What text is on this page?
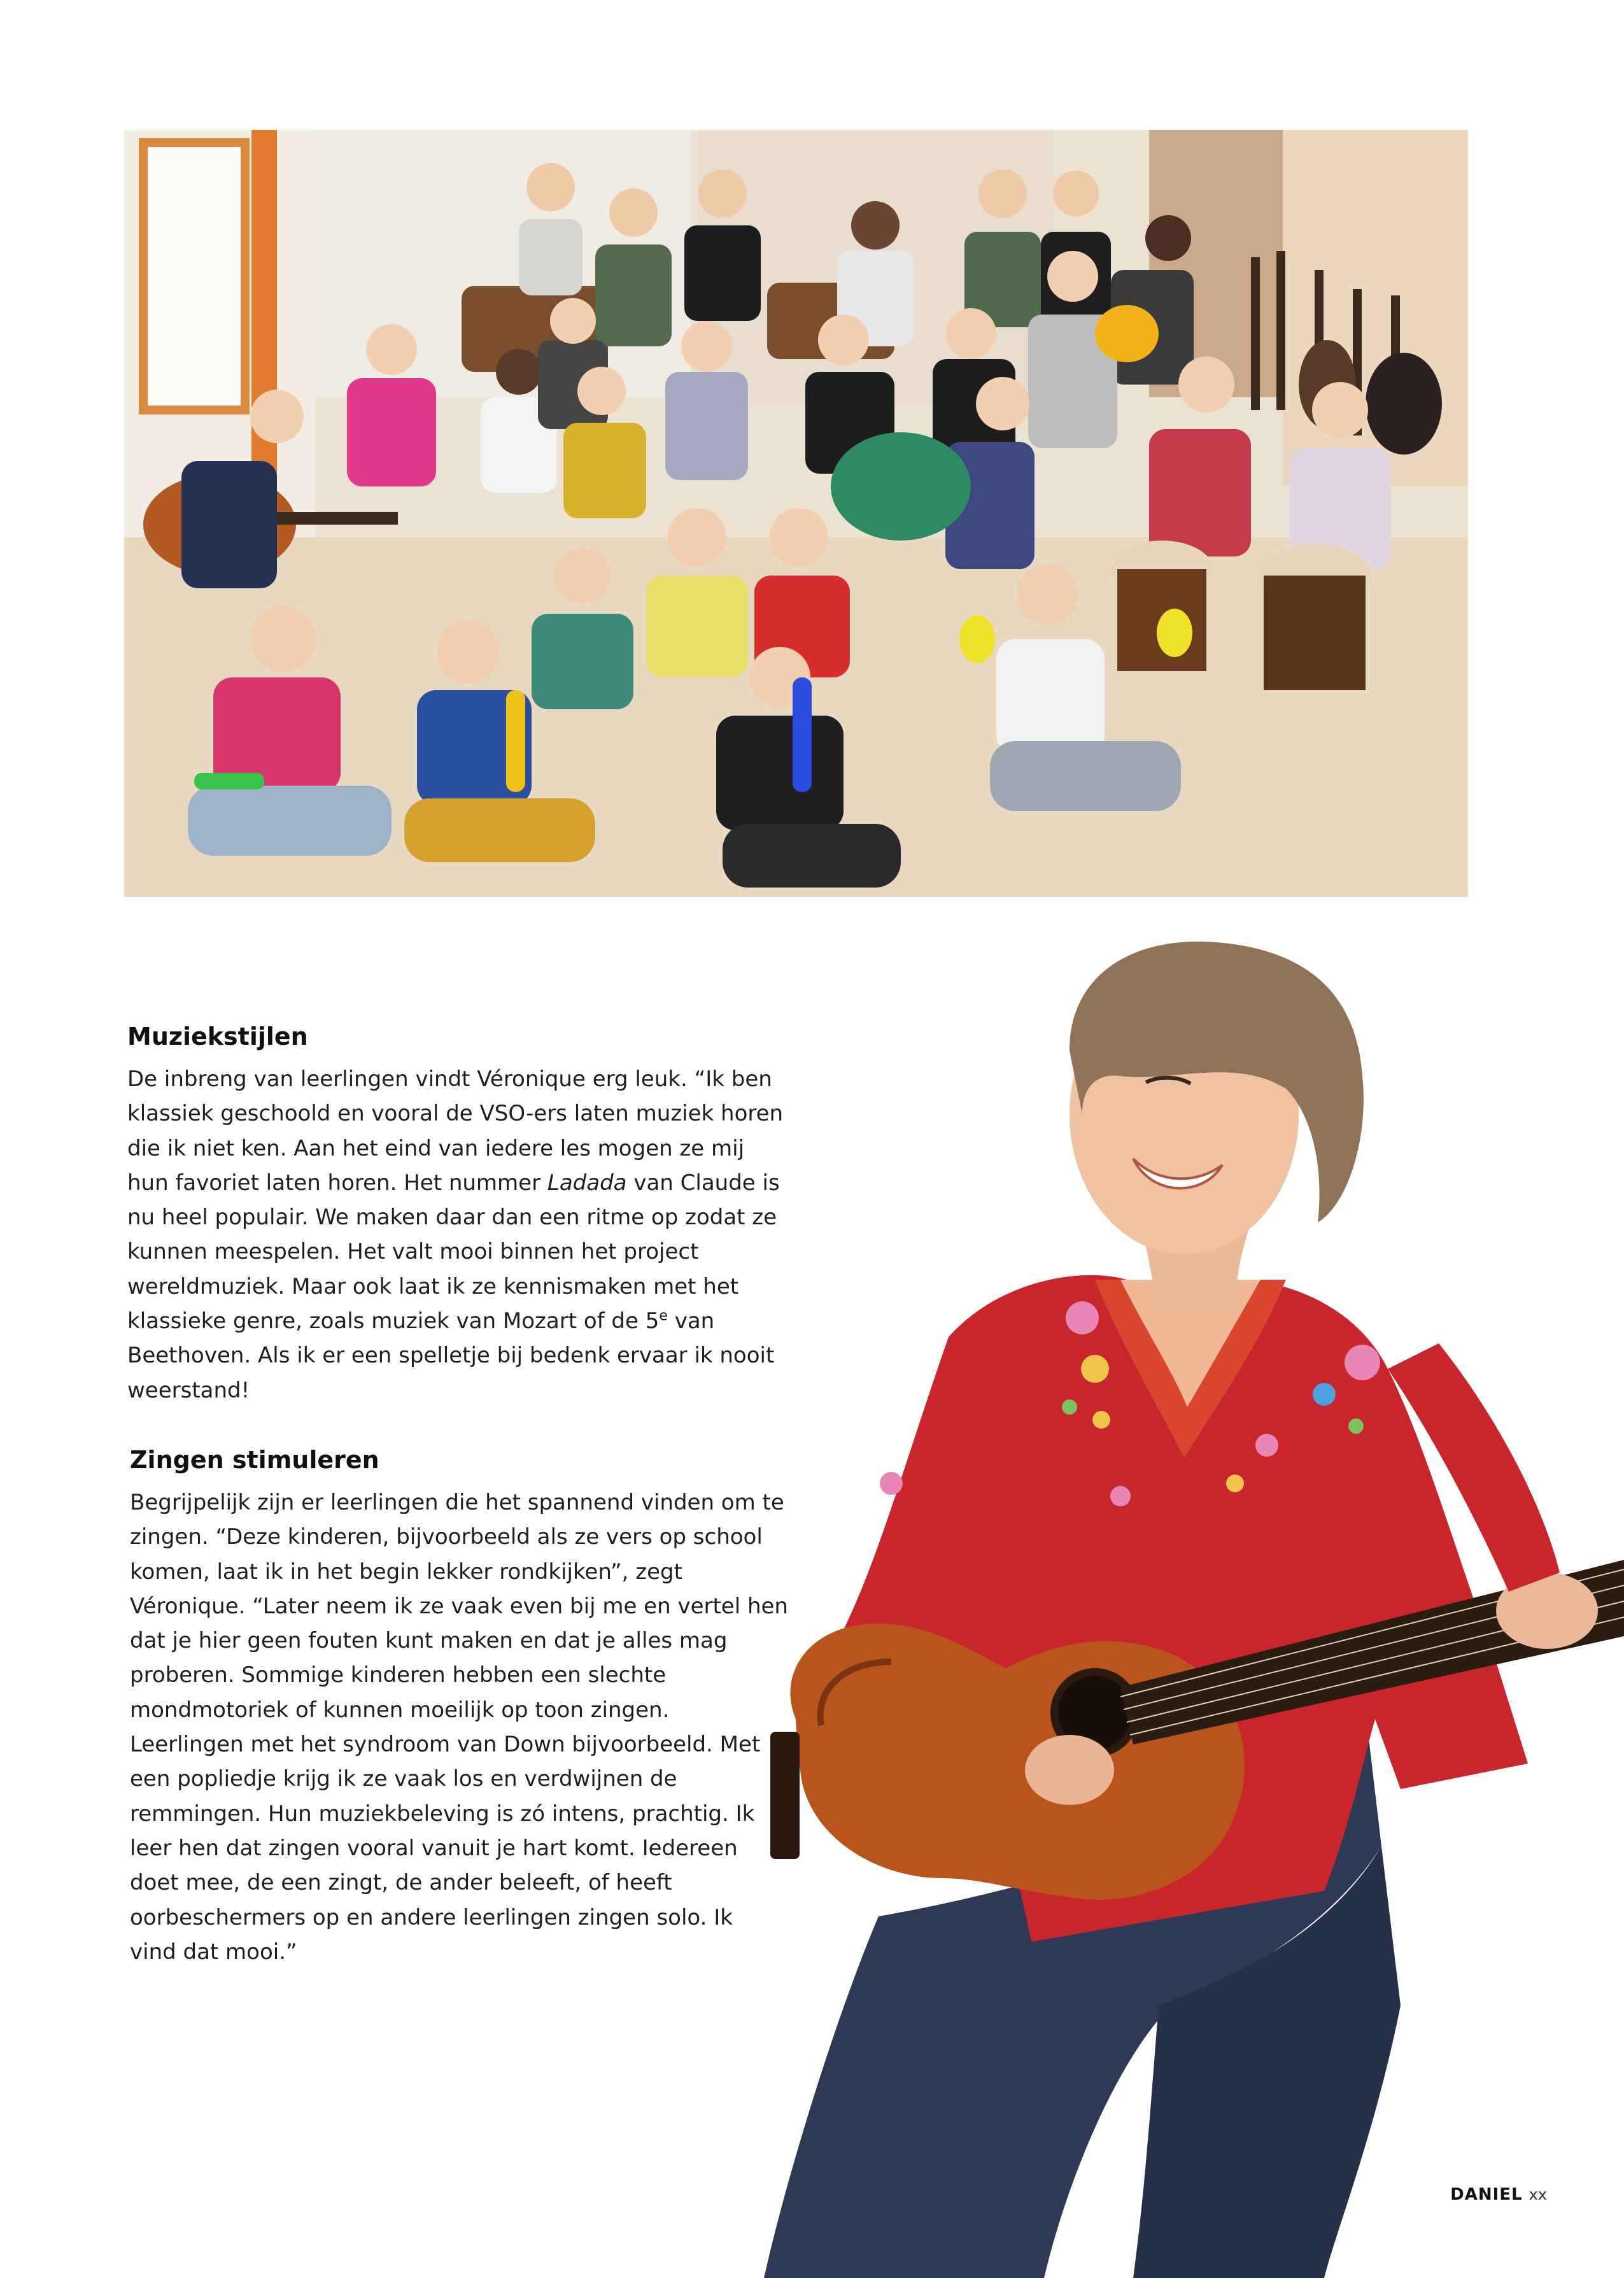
Muziekstijlen

De inbreng van leerlingen vindt Véronique erg leuk. “Ik ben
klassiek geschoold en vooral de VSO-ers laten muziek horen
die ik niet ken. Aan het eind van iedere les mogen ze mij
hun favoriet laten horen. Het nummer Ladada van Claude is
nu heel populair. We maken daar dan een ritme op zodat ze
kunnen meespelen. Het valt mooi binnen het project
wereldmuziek. Maar ook laat ik ze kennismaken met het
klassieke genre, zoals muziek van Mozart of de 5e van
Beethoven. Als ik er een spelletje bij bedenk ervaar ik nooit
weerstand!

Zingen stimuleren

Begrijpelijk zijn er leerlingen die het spannend vinden om te
zingen. “Deze kinderen, bijvoorbeeld als ze vers op school
komen, laat ik in het begin lekker rondkijken”, zegt
Véronique. “Later neem ik ze vaak even bij me en vertel hen
dat je hier geen fouten kunt maken en dat je alles mag
proberen. Sommige kinderen hebben een slechte
mondmotoriek of kunnen moeilijk op toon zingen.
Leerlingen met het syndroom van Down bijvoorbeeld. Met
een popliedje krijg ik ze vaak los en verdwijnen de
remmingen. Hun muziekbeleving is zó intens, prachtig. Ik
leer hen dat zingen vooral vanuit je hart komt. Iedereen
doet mee, de een zingt, de ander beleeft, of heeft
oorbeschermers op en andere leerlingen zingen solo. Ik
vind dat mooi.”

DANIEL xx
